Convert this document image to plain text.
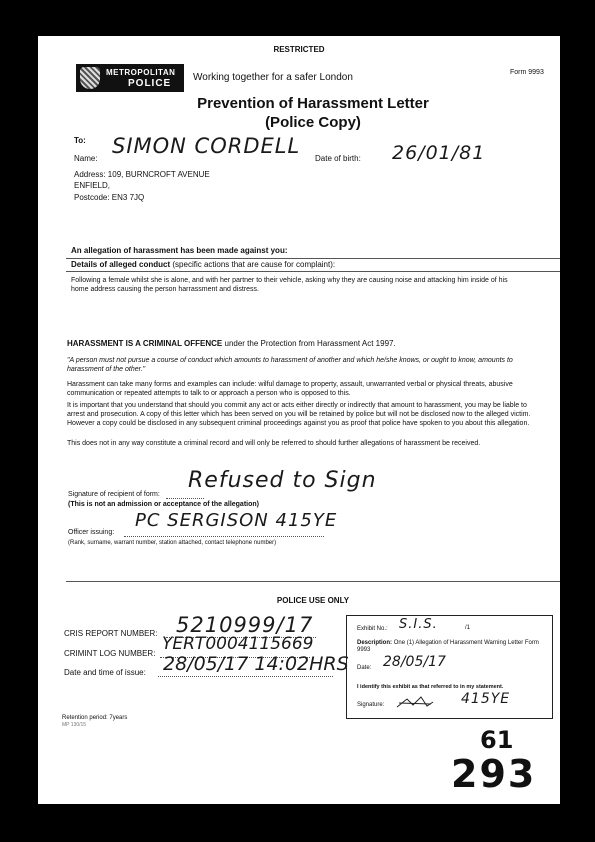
RESTRICTED
Form 9993
METROPOLITAN
POLICE
Working together for a safer London
Prevention of Harassment Letter
(Police Copy)
To:
Name:
SIMON CORDELL
Date of birth: 26/01/81
Address: 109, BURNCROFT AVENUE
ENFIELD,
Postcode: EN3 7JQ
An allegation of harassment has been made against you:
Details of alleged conduct (specific actions that are cause for complaint):
Following a female whilst she is alone, and with her partner to their vehicle, asking why they are causing noise and attacking him inside of his home address causing the person harrassment and distress.
HARASSMENT IS A CRIMINAL OFFENCE under the Protection from Harassment Act 1997.
"A person must not pursue a course of conduct which amounts to harassment of another and which he/she knows, or ought to know, amounts to harassment of the other."
Harassment can take many forms and examples can include: wilful damage to property, assault, unwarranted verbal or physical threats, abusive communication or repeated attempts to talk to or approach a person who is opposed to this.
It is important that you understand that should you commit any act or acts either directly or indirectly that amount to harassment, you may be liable to arrest and prosecution. A copy of this letter which has been served on you will be retained by police but will not be disclosed now to the alleged victim. However a copy could be disclosed in any subsequent criminal proceedings against you as proof that police have spoken to you about this allegation.
This does not in any way constitute a criminal record and will only be referred to should further allegations of harassment be received.
Signature of recipient of form:
Refused to Sign
(This is not an admission or acceptance of the allegation)
Officer issuing:
PC SERGISON 415YE
(Rank, surname, warrant number, station attached, contact telephone number)
POLICE USE ONLY
CRIS REPORT NUMBER: 5210999/17
CRIMINT LOG NUMBER: YERT0004115669
Date and time of issue: 28/05/17 14:02HRS
Exhibit No.: S.I.S.	/1
Description: One (1) Allegation of Harassment Warning Letter Form 9993
Date: 28/05/17
I identify this exhibit as that referred to in my statement.
Signature:	415YE
Retention period: 7years
MP 130/15
61
293
